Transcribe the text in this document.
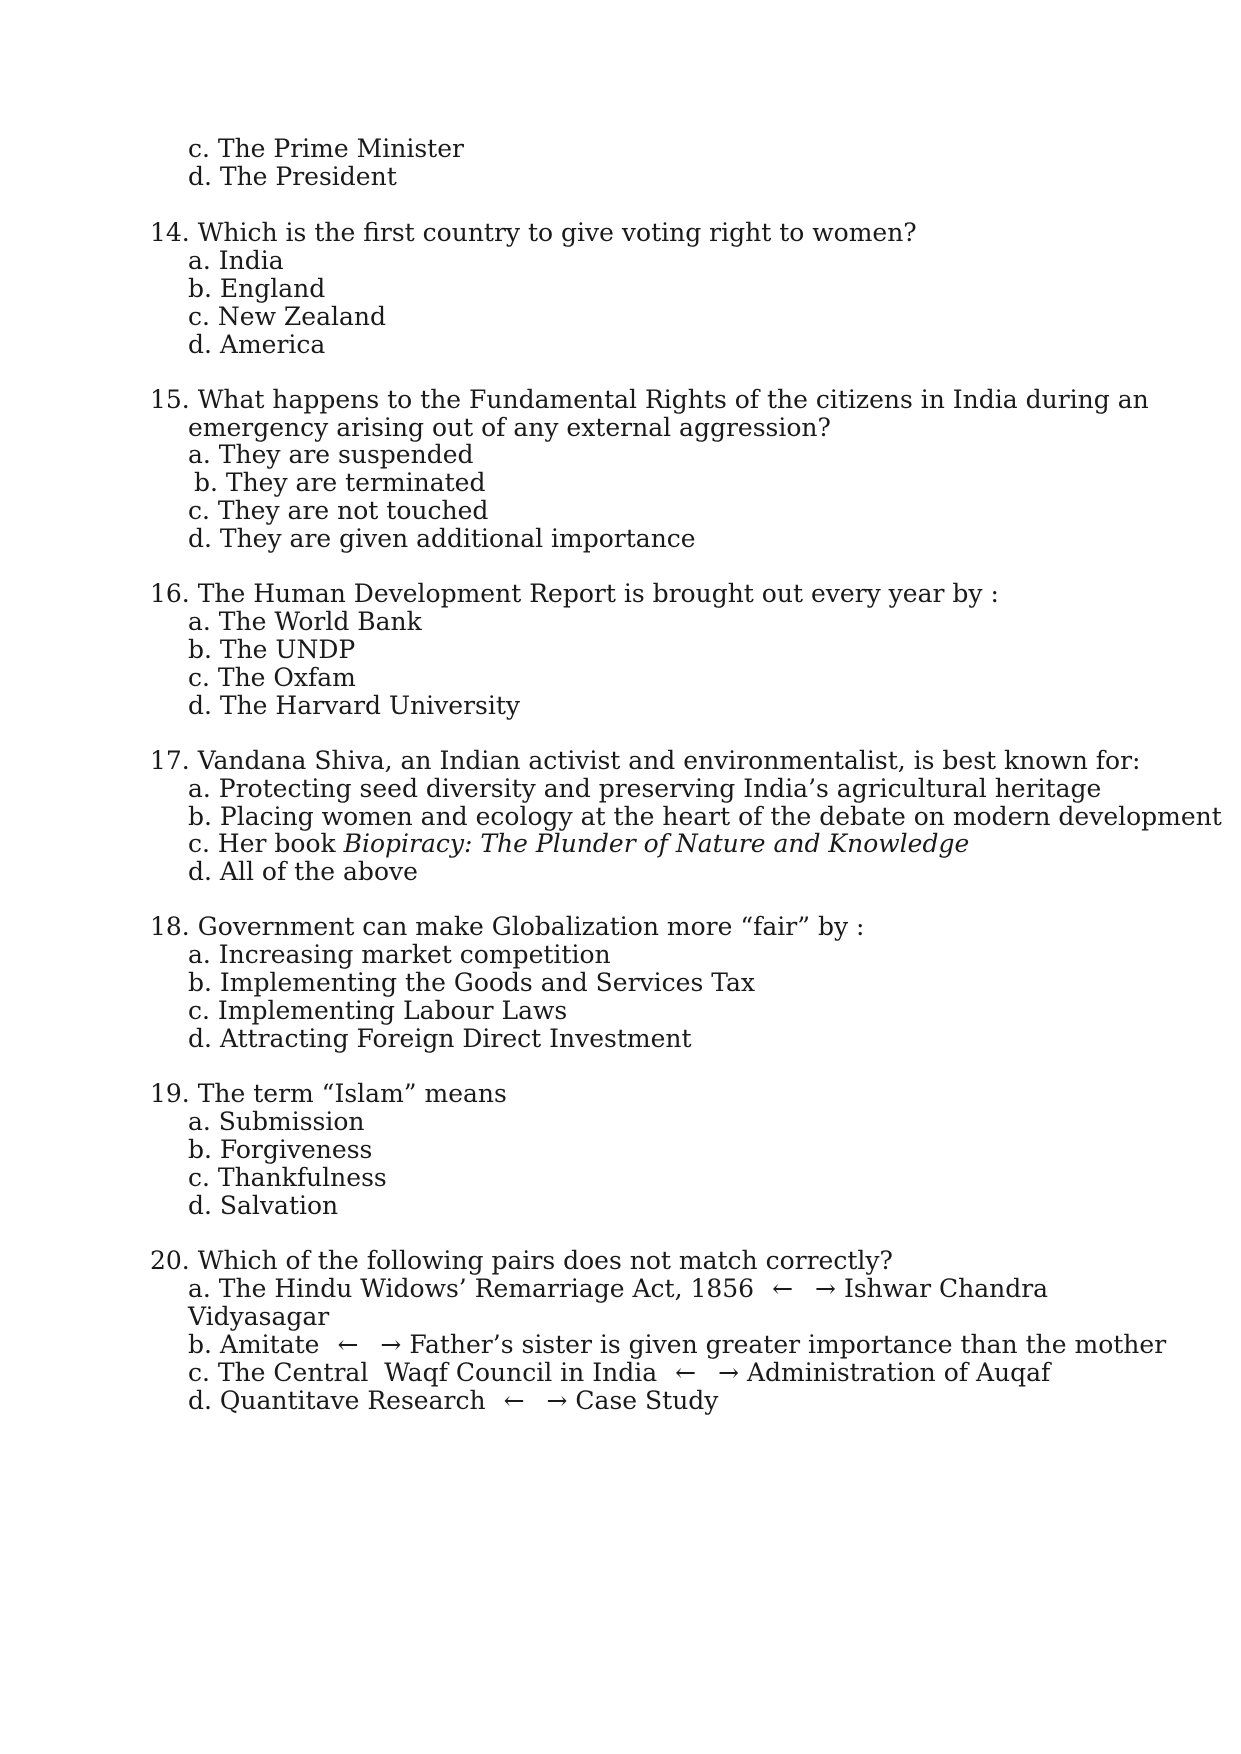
c. The Prime Minister
d. The President
14. Which is the first country to give voting right to women?
a. India
b. England
c. New Zealand
d. America
15. What happens to the Fundamental Rights of the citizens in India during an
emergency arising out of any external aggression?
a. They are suspended
b. They are terminated
c. They are not touched
d. They are given additional importance
16. The Human Development Report is brought out every year by :
a. The World Bank
b. The UNDP
c. The Oxfam
d. The Harvard University
17. Vandana Shiva, an Indian activist and environmentalist, is best known for:
a. Protecting seed diversity and preserving India’s agricultural heritage
b. Placing women and ecology at the heart of the debate on modern development
c. Her book Biopiracy: The Plunder of Nature and Knowledge
d. All of the above
18. Government can make Globalization more “fair” by :
a. Increasing market competition
b. Implementing the Goods and Services Tax
c. Implementing Labour Laws
d. Attracting Foreign Direct Investment
19. The term “Islam” means
a. Submission
b. Forgiveness
c. Thankfulness
d. Salvation
20. Which of the following pairs does not match correctly?
a. The Hindu Widows’ Remarriage Act, 1856 ← → Ishwar Chandra
Vidyasagar
b. Amitate ← → Father’s sister is given greater importance than the mother
c. The Central  Waqf Council in India ← → Administration of Auqaf
d. Quantitave Research ← → Case Study
